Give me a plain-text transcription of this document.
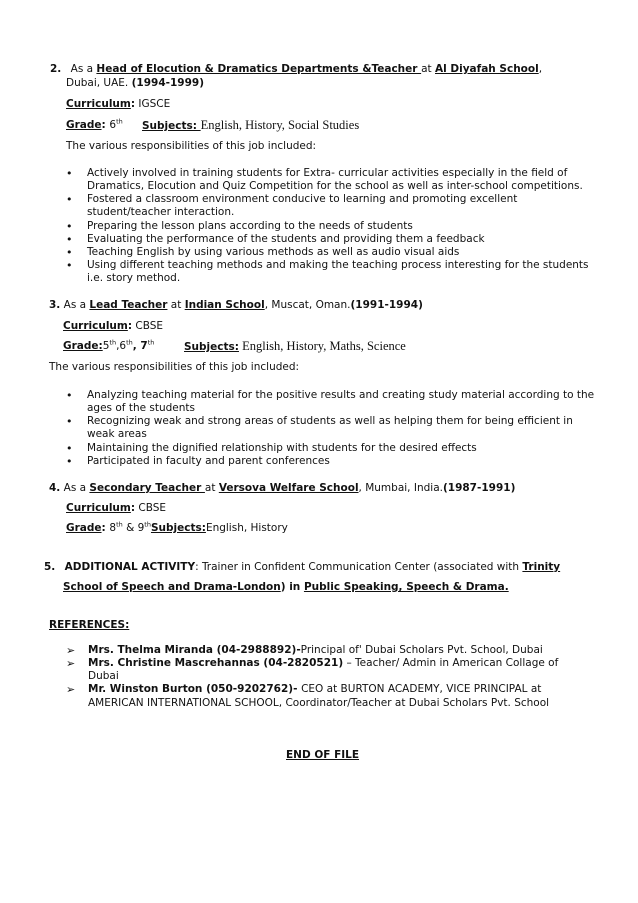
2. As a Head of Elocution & Dramatics Departments &Teacher at Al Diyafah School,
Dubai, UAE. (1994-1999)
Curriculum: IGSCE
Grade: 6th Subjects: English, History, Social Studies
The various responsibilities of this job included:
• Actively involved in training students for Extra- curricular activities especially in the field of Dramatics, Elocution and Quiz Competition for the school as well as inter-school competitions.
• Fostered a classroom environment conducive to learning and promoting excellent student/teacher interaction.
• Preparing the lesson plans according to the needs of students
• Evaluating the performance of the students and providing them a feedback
• Teaching English by using various methods as well as audio visual aids
• Using different teaching methods and making the teaching process interesting for the students i.e. story method.
3. As a Lead Teacher at Indian School, Muscat, Oman.(1991-1994)
Curriculum: CBSE
Grade:5th,6th, 7th	Subjects: English, History, Maths, Science
The various responsibilities of this job included:
• Analyzing teaching material for the positive results and creating study material according to the ages of the students
• Recognizing weak and strong areas of students as well as helping them for being efficient in weak areas
• Maintaining the dignified relationship with students for the desired effects
• Participated in faculty and parent conferences
4. As a Secondary Teacher at Versova Welfare School, Mumbai, India.(1987-1991)
Curriculum: CBSE
Grade: 8th & 9thSubjects:English, History
5. ADDITIONAL ACTIVITY: Trainer in Confident Communication Center (associated with Trinity
School of Speech and Drama-London) in Public Speaking, Speech & Drama.
REFERENCES:
➢ Mrs. Thelma Miranda (04-2988892)-Principal of' Dubai Scholars Pvt. School, Dubai
➢ Mrs. Christine Mascrehannas (04-2820521) – Teacher/ Admin in American Collage of Dubai
➢ Mr. Winston Burton (050-9202762)- CEO at BURTON ACADEMY, VICE PRINCIPAL at AMERICAN INTERNATIONAL SCHOOL, Coordinator/Teacher at Dubai Scholars Pvt. School
END OF FILE
